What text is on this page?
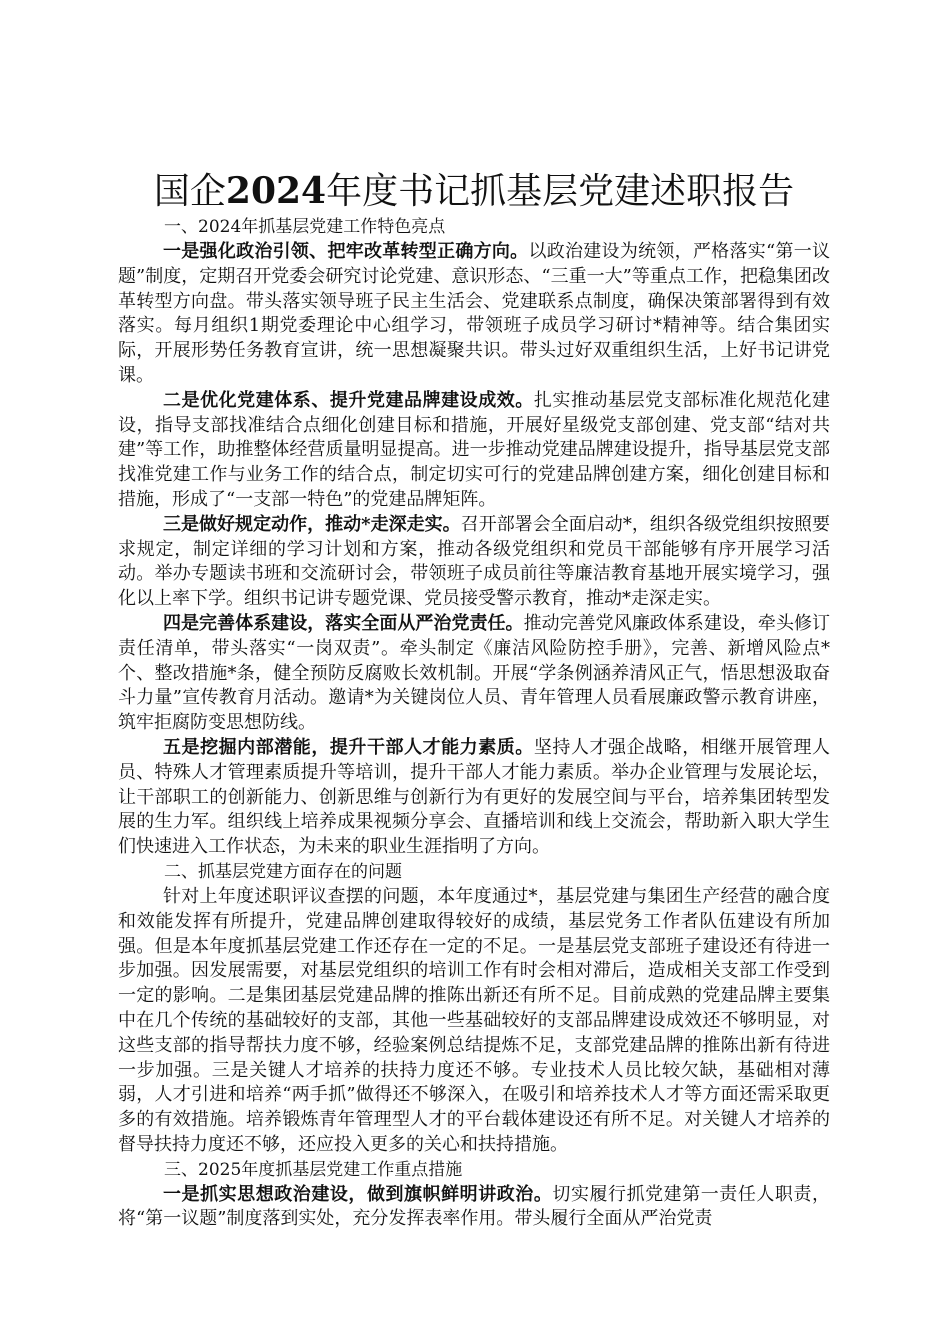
国企2024年度书记抓基层党建述职报告
一、2024年抓基层党建工作特色亮点

一是强化政治引领、把牢改革转型正确方向。以政治建设为统领，严格落实“第一议题”制度，定期召开党委会研究讨论党建、意识形态、“三重一大”等重点工作，把稳集团改革转型方向盘。带头落实领导班子民主生活会、党建联系点制度，确保决策部署得到有效落实。每月组织1期党委理论中心组学习，带领班子成员学习研讨*精神等。结合集团实际，开展形势任务教育宣讲，统一思想凝聚共识。带头过好双重组织生活，上好书记讲党课。

二是优化党建体系、提升党建品牌建设成效。扎实推动基层党支部标准化规范化建设，指导支部找准结合点细化创建目标和措施，开展好星级党支部创建、党支部“结对共建”等工作，助推整体经营质量明显提高。进一步推动党建品牌建设提升，指导基层党支部找准党建工作与业务工作的结合点，制定切实可行的党建品牌创建方案，细化创建目标和措施，形成了“一支部一特色”的党建品牌矩阵。

三是做好规定动作，推动*走深走实。召开部署会全面启动*，组织各级党组织按照要求规定，制定详细的学习计划和方案，推动各级党组织和党员干部能够有序开展学习活动。举办专题读书班和交流研讨会，带领班子成员前往等廉洁教育基地开展实境学习，强化以上率下学。组织书记讲专题党课、党员接受警示教育，推动*走深走实。

四是完善体系建设，落实全面从严治党责任。推动完善党风廉政体系建设，牵头修订责任清单，带头落实“一岗双责”。牵头制定《廉洁风险防控手册》，完善、新增风险点*个、整改措施*条，健全预防反腐败长效机制。开展“学条例涵养清风正气，悟思想汲取奋斗力量”宣传教育月活动。邀请*为关键岗位人员、青年管理人员看展廉政警示教育讲座，筑牢拒腐防变思想防线。

五是挖掘内部潜能，提升干部人才能力素质。坚持人才强企战略，相继开展管理人员、特殊人才管理素质提升等培训，提升干部人才能力素质。举办企业管理与发展论坛，让干部职工的创新能力、创新思维与创新行为有更好的发展空间与平台，培养集团转型发展的生力军。组织线上培养成果视频分享会、直播培训和线上交流会，帮助新入职大学生们快速进入工作状态，为未来的职业生涯指明了方向。

二、抓基层党建方面存在的问题

针对上年度述职评议查摆的问题，本年度通过*，基层党建与集团生产经营的融合度和效能发挥有所提升，党建品牌创建取得较好的成绩，基层党务工作者队伍建设有所加强。但是本年度抓基层党建工作还存在一定的不足。一是基层党支部班子建设还有待进一步加强。因发展需要，对基层党组织的培训工作有时会相对滞后，造成相关支部工作受到一定的影响。二是集团基层党建品牌的推陈出新还有所不足。目前成熟的党建品牌主要集中在几个传统的基础较好的支部，其他一些基础较好的支部品牌建设成效还不够明显，对这些支部的指导帮扶力度不够，经验案例总结提炼不足，支部党建品牌的推陈出新有待进一步加强。三是关键人才培养的扶持力度还不够。专业技术人员比较欠缺，基础相对薄弱，人才引进和培养“两手抓”做得还不够深入，在吸引和培养技术人才等方面还需采取更多的有效措施。培养锻炼青年管理型人才的平台载体建设还有所不足。对关键人才培养的督导扶持力度还不够，还应投入更多的关心和扶持措施。

三、2025年度抓基层党建工作重点措施

一是抓实思想政治建设，做到旗帜鲜明讲政治。切实履行抓党建第一责任人职责，将“第一议题”制度落到实处，充分发挥表率作用。带头履行全面从严治党责
